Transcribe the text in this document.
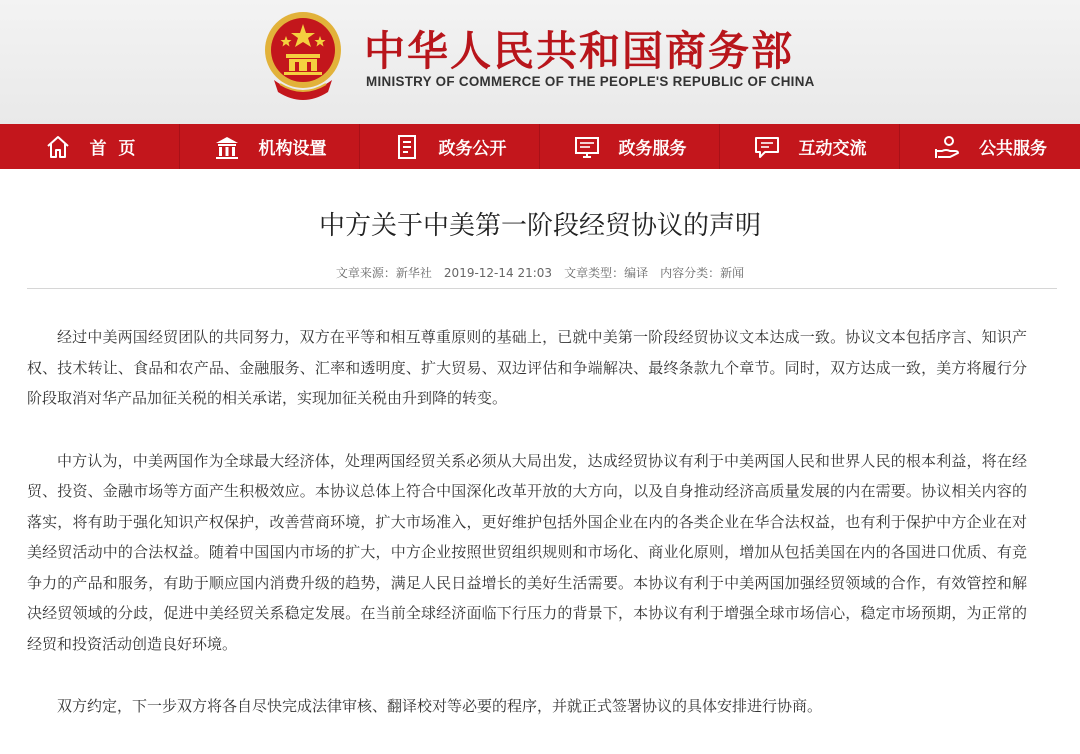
中华人民共和国商务部
MINISTRY OF COMMERCE OF THE PEOPLE'S REPUBLIC OF CHINA
首  页	机构设置	政务公开	政务服务	互动交流	公共服务
中方关于中美第一阶段经贸协议的声明
文章来源：新华社 2019-12-14 21:03 文章类型：编译 内容分类：新闻

经过中美两国经贸团队的共同努力，双方在平等和相互尊重原则的基础上，已就中美第一阶段经贸协议文本达成一致。协议文本包括序言、知识产权、技术转让、食品和农产品、金融服务、汇率和透明度、扩大贸易、双边评估和争端解决、最终条款九个章节。同时，双方达成一致，美方将履行分阶段取消对华产品加征关税的相关承诺，实现加征关税由升到降的转变。

中方认为，中美两国作为全球最大经济体，处理两国经贸关系必须从大局出发，达成经贸协议有利于中美两国人民和世界人民的根本利益，将在经贸、投资、金融市场等方面产生积极效应。本协议总体上符合中国深化改革开放的大方向，以及自身推动经济高质量发展的内在需要。协议相关内容的落实，将有助于强化知识产权保护，改善营商环境，扩大市场准入，更好维护包括外国企业在内的各类企业在华合法权益，也有利于保护中方企业在对美经贸活动中的合法权益。随着中国国内市场的扩大，中方企业按照世贸组织规则和市场化、商业化原则，增加从包括美国在内的各国进口优质、有竞争力的产品和服务，有助于顺应国内消费升级的趋势，满足人民日益增长的美好生活需要。本协议有利于中美两国加强经贸领域的合作，有效管控和解决经贸领域的分歧，促进中美经贸关系稳定发展。在当前全球经济面临下行压力的背景下，本协议有利于增强全球市场信心，稳定市场预期，为正常的经贸和投资活动创造良好环境。

双方约定，下一步双方将各自尽快完成法律审核、翻译校对等必要的程序，并就正式签署协议的具体安排进行协商。
